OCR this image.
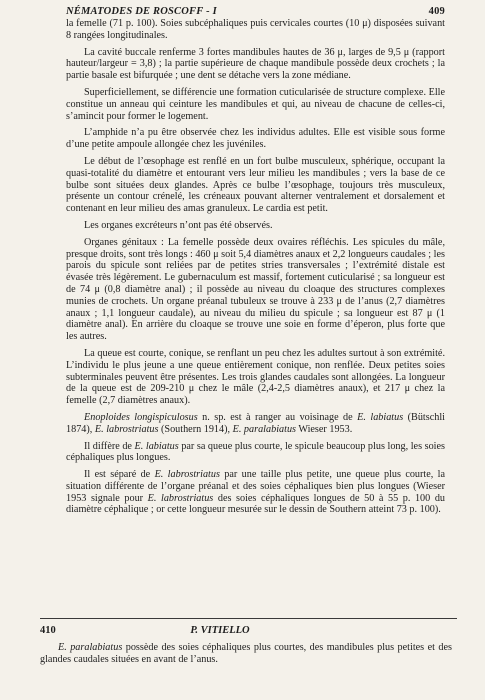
NÉMATODES DE ROSCOFF - I	409

la femelle (71 p. 100). Soies subcéphaliques puis cervicales courtes (10 μ) disposées suivant 8 rangées longitudinales.

La cavité buccale renferme 3 fortes mandibules hautes de 36 μ, larges de 9,5 μ (rapport hauteur/largeur = 3,8) ; la partie supérieure de chaque mandibule possède deux crochets ; la partie basale est bifurquée ; une dent se détache vers la zone médiane.

Superficiellement, se différencie une formation cuticularisée de structure complexe. Elle constitue un anneau qui ceinture les mandibules et qui, au niveau de chacune de celles-ci, s’amincit pour former le logement.

L’amphide n’a pu être observée chez les individus adultes. Elle est visible sous forme d’une petite ampoule allongée chez les juvéniles.

Le début de l’œsophage est renflé en un fort bulbe musculeux, sphérique, occupant la quasi-totalité du diamètre et entourant vers leur milieu les mandibules ; vers la base de ce bulbe sont situées deux glandes. Après ce bulbe l’œsophage, toujours très musculeux, présente un contour crénelé, les créneaux pouvant alterner ventralement et dorsalement et contenant en leur milieu des amas granuleux. Le cardia est petit.

Les organes excréteurs n’ont pas été observés.

Organes génitaux : La femelle possède deux ovaires réfléchis. Les spicules du mâle, presque droits, sont très longs : 460 μ soit 5,4 diamètres anaux et 2,2 longueurs caudales ; les parois du spicule sont reliées par de petites stries transversales ; l’extrémité distale est évasée très légèrement. Le gubernaculum est massif, fortement cuticularisé ; sa longueur est de 74 μ (0,8 diamètre anal) ; il possède au niveau du cloaque des structures complexes munies de crochets. Un organe préanal tubuleux se trouve à 233 μ de l’anus (2,7 diamètres anaux ; 1,1 longueur caudale), au niveau du milieu du spicule ; sa longueur est 87 μ (1 diamètre anal). En arrière du cloaque se trouve une soie en forme d’éperon, plus forte que les autres.

La queue est courte, conique, se renflant un peu chez les adultes surtout à son extrémité. L’individu le plus jeune a une queue entièrement conique, non renflée. Deux petites soies subterminales peuvent être présentes. Les trois glandes caudales sont allongées. La longueur de la queue est de 209-210 μ chez le mâle (2,4-2,5 diamètres anaux), et 217 μ chez la femelle (2,7 diamètres anaux).

Enoploides longispiculosus n. sp. est à ranger au voisinage de E. labiatus (Bütschli 1874), E. labrostriatus (Southern 1914), E. paralabiatus Wieser 1953.

Il diffère de E. labiatus par sa queue plus courte, le spicule beaucoup plus long, les soies céphaliques plus longues.

Il est séparé de E. labrostriatus par une taille plus petite, une queue plus courte, la situation différente de l’organe préanal et des soies céphaliques bien plus longues (Wieser 1953 signale pour E. labrostriatus des soies céphaliques longues de 50 à 55 p. 100 du diamètre céphalique ; or cette longueur mesurée sur le dessin de Southern atteint 73 p. 100).

410	P. VITIELLO

E. paralabiatus possède des soies céphaliques plus courtes, des mandibules plus petites et des glandes caudales situées en avant de l’anus.
